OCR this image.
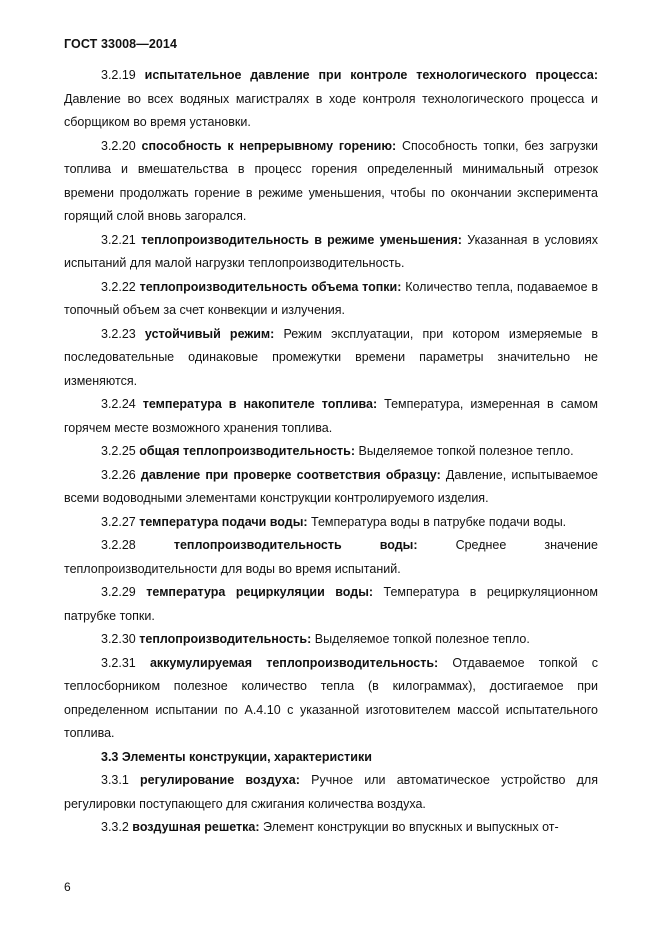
ГОСТ 33008—2014

3.2.19 испытательное давление при контроле технологического процесса: Давление во всех водяных магистралях в ходе контроля технологического процесса и сборщиком во время установки.

3.2.20 способность к непрерывному горению: Способность топки, без загрузки топлива и вмешательства в процесс горения определенный минимальный отрезок времени продолжать горение в режиме уменьшения, чтобы по окончании эксперимента горящий слой вновь загорался.

3.2.21 теплопроизводительность в режиме уменьшения: Указанная в условиях испытаний для малой нагрузки теплопроизводительность.

3.2.22 теплопроизводительность объема топки: Количество тепла, подаваемое в топочный объем за счет конвекции и излучения.

3.2.23 устойчивый режим: Режим эксплуатации, при котором измеряемые в последовательные одинаковые промежутки времени параметры значительно не изменяются.

3.2.24 температура в накопителе топлива: Температура, измеренная в самом горячем месте возможного хранения топлива.

3.2.25 общая теплопроизводительность: Выделяемое топкой полезное тепло.

3.2.26 давление при проверке соответствия образцу: Давление, испытываемое всеми водоводными элементами конструкции контролируемого изделия.

3.2.27 температура подачи воды: Температура воды в патрубке подачи воды.

3.2.28	теплопроизводительность воды:	Среднее значение теплопроизводительности для воды во время испытаний.

3.2.29 температура рециркуляции воды: Температура в рециркуляционном патрубке топки.

3.2.30 теплопроизводительность: Выделяемое топкой полезное тепло.

3.2.31 аккумулируемая теплопроизводительность: Отдаваемое топкой с теплосборником полезное количество тепла (в килограммах), достигаемое при определенном испытании по А.4.10 с указанной изготовителем массой испытательного топлива.

3.3 Элементы конструкции, характеристики

3.3.1 регулирование воздуха: Ручное или автоматическое устройство для регулировки поступающего для сжигания количества воздуха.

3.3.2 воздушная решетка: Элемент конструкции во впускных и выпускных от-

6
